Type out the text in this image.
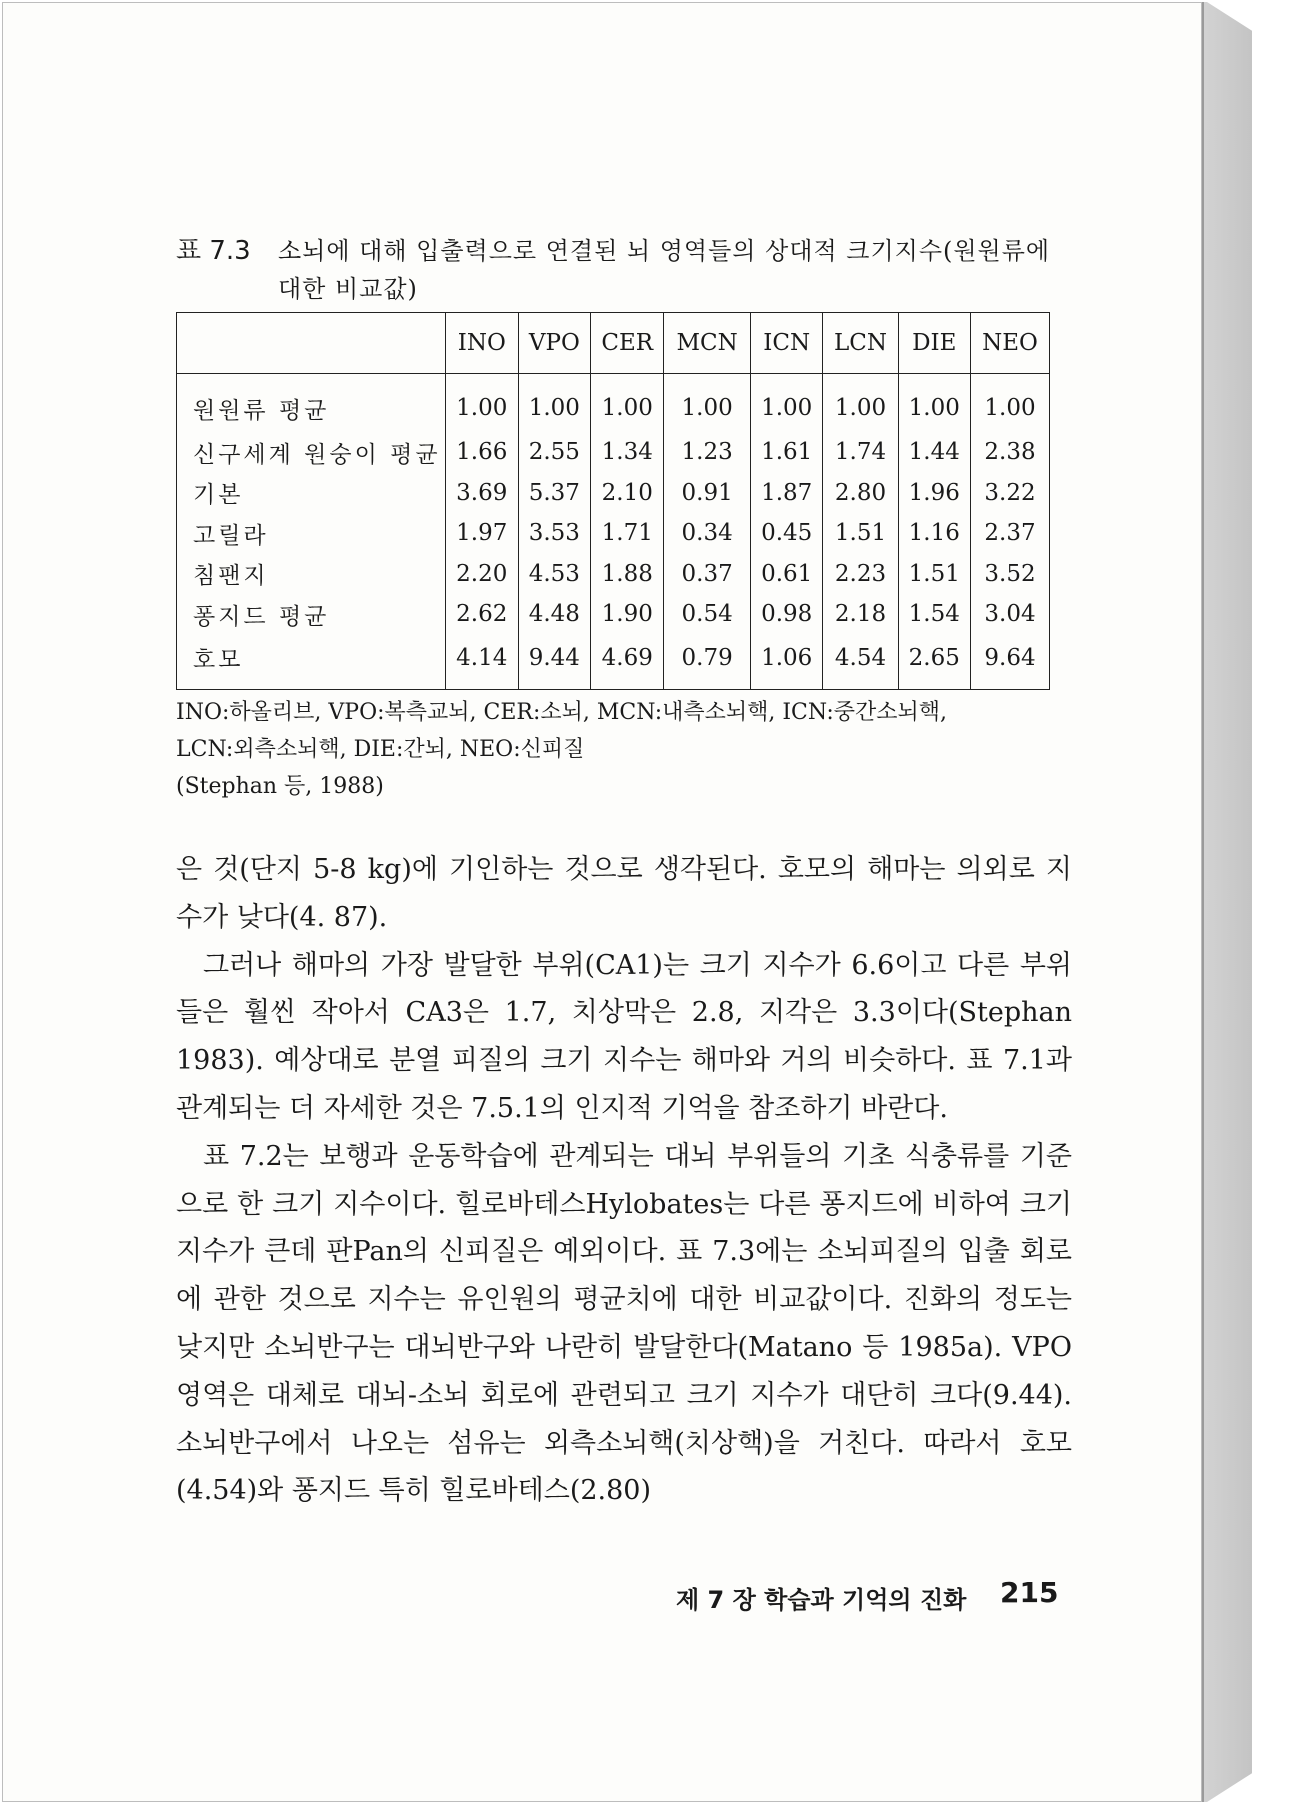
표 7.3 소뇌에 대해 입출력으로 연결된 뇌 영역들의 상대적 크기지수(원원류에 대한 비교값)
	INO	VPO	CER	MCN	ICN	LCN	DIE	NEO
원원류 평균	1.00	1.00	1.00	1.00	1.00	1.00	1.00	1.00
신구세계 원숭이 평균	1.66	2.55	1.34	1.23	1.61	1.74	1.44	2.38
기본	3.69	5.37	2.10	0.91	1.87	2.80	1.96	3.22
고릴라	1.97	3.53	1.71	0.34	0.45	1.51	1.16	2.37
침팬지	2.20	4.53	1.88	0.37	0.61	2.23	1.51	3.52
퐁지드 평균	2.62	4.48	1.90	0.54	0.98	2.18	1.54	3.04
호모	4.14	9.44	4.69	0.79	1.06	4.54	2.65	9.64
INO:하올리브, VPO:복측교뇌, CER:소뇌, MCN:내측소뇌핵, ICN:중간소뇌핵,
LCN:외측소뇌핵, DIE:간뇌, NEO:신피질
(Stephan 등, 1988)

은 것(단지 5-8 kg)에 기인하는 것으로 생각된다. 호모의 해마는 의외로 지수가 낮다(4. 87).

그러나 해마의 가장 발달한 부위(CA1)는 크기 지수가 6.6이고 다른 부위들은 훨씬 작아서 CA3은 1.7, 치상막은 2.8, 지각은 3.3이다(Stephan 1983). 예상대로 분열 피질의 크기 지수는 해마와 거의 비슷하다. 표 7.1과 관계되는 더 자세한 것은 7.5.1의 인지적 기억을 참조하기 바란다.

표 7.2는 보행과 운동학습에 관계되는 대뇌 부위들의 기초 식충류를 기준으로 한 크기 지수이다. 힐로바테스Hylobates는 다른 퐁지드에 비하여 크기 지수가 큰데 판Pan의 신피질은 예외이다. 표 7.3에는 소뇌피질의 입출 회로에 관한 것으로 지수는 유인원의 평균치에 대한 비교값이다. 진화의 정도는 낮지만 소뇌반구는 대뇌반구와 나란히 발달한다(Matano 등 1985a). VPO 영역은 대체로 대뇌-소뇌 회로에 관련되고 크기 지수가 대단히 크다(9.44). 소뇌반구에서 나오는 섬유는 외측소뇌핵(치상핵)을 거친다. 따라서 호모(4.54)와 퐁지드 특히 힐로바테스(2.80)

제 7 장 학습과 기억의 진화 215
